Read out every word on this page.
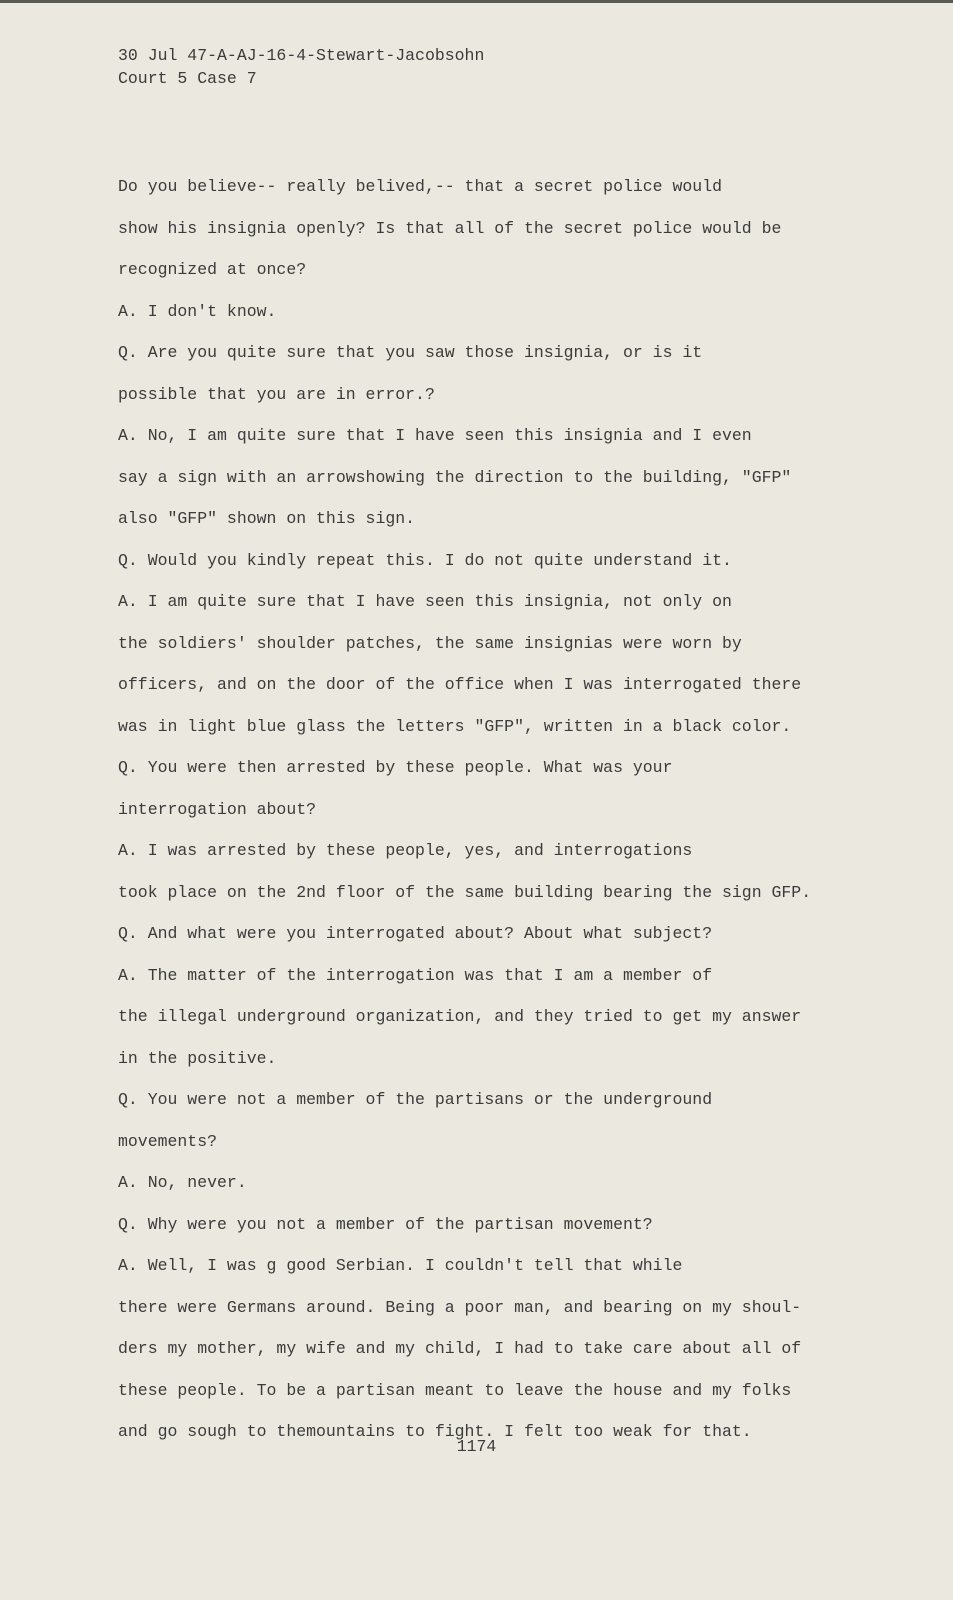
30 Jul 47-A-AJ-16-4-Stewart-Jacobsohn
Court 5 Case 7
Do you believe-- really belived,-- that a secret police would
show his insignia openly? Is that all of the secret police would be
recognized at once?
A. I don't know.
Q. Are you quite sure that you saw those insignia, or is it
possible that you are in error.?
A. No, I am quite sure that I have seen this insignia and I even
say a sign with an arrowshowing the direction to the building, "GFP"
also "GFP" shown on this sign.
Q. Would you kindly repeat this. I do not quite understand it.
A. I am quite sure that I have seen this insignia, not only on
the soldiers' shoulder patches, the same insignias were worn by
officers, and on the door of the office when I was interrogated there
was in light blue glass the letters "GFP", written in a black color.
Q. You were then arrested by these people. What was your
interrogation about?
A. I was arrested by these people, yes, and interrogations
took place on the 2nd floor of the same building bearing the sign GFP.
Q. And what were you interrogated about? About what subject?
A. The matter of the interrogation was that I am a member of
the illegal underground organization, and they tried to get my answer
in the positive.
Q. You were not a member of the partisans or the underground
movements?
A. No, never.
Q. Why were you not a member of the partisan movement?
A. Well, I was g good Serbian. I couldn't tell that while
there were Germans around. Being a poor man, and bearing on my shoul-
ders my mother, my wife and my child, I had to take care about all of
these people. To be a partisan meant to leave the house and my folks
and go sough to themountains to fight. I felt too weak for that.
1174
